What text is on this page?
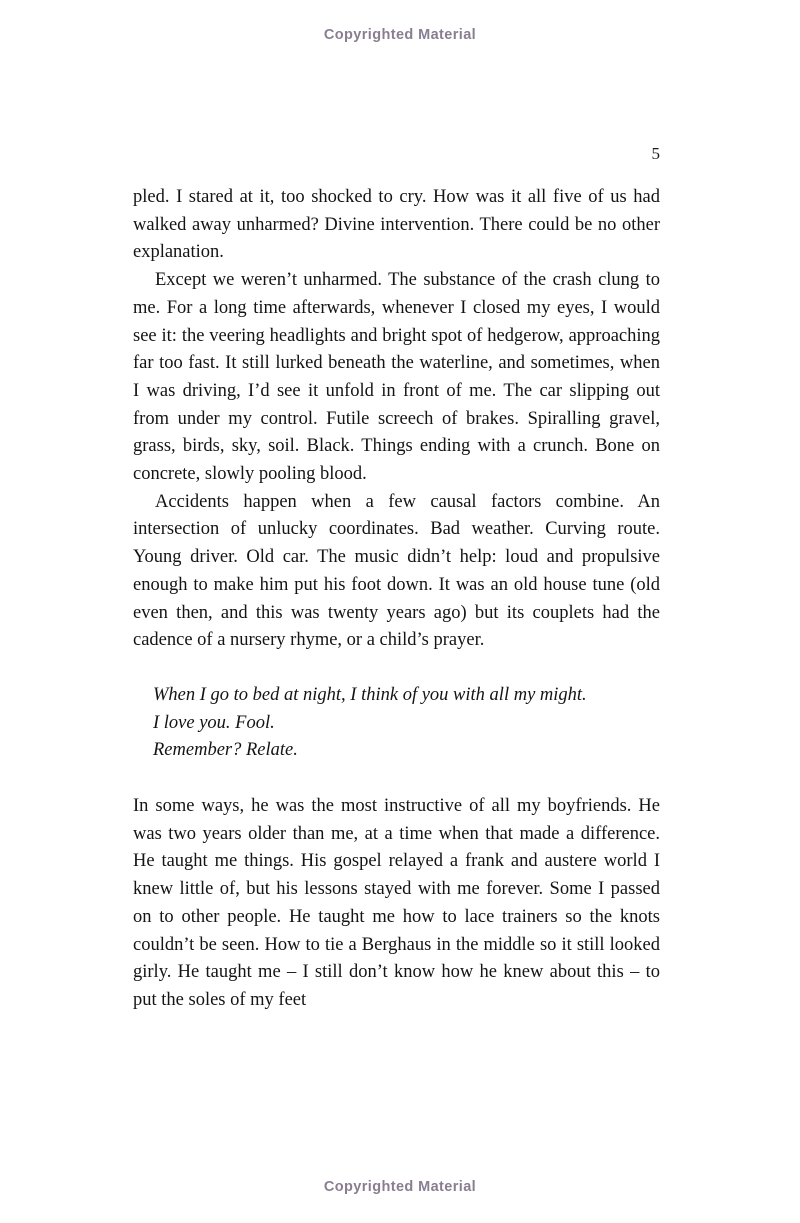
Copyrighted Material
5

pled. I stared at it, too shocked to cry. How was it all five of us had walked away unharmed? Divine intervention. There could be no other explanation.

Except we weren’t unharmed. The substance of the crash clung to me. For a long time afterwards, whenever I closed my eyes, I would see it: the veering headlights and bright spot of hedgerow, approaching far too fast. It still lurked beneath the waterline, and sometimes, when I was driving, I’d see it unfold in front of me. The car slipping out from under my control. Futile screech of brakes. Spiralling gravel, grass, birds, sky, soil. Black. Things ending with a crunch. Bone on concrete, slowly pooling blood.

Accidents happen when a few causal factors combine. An intersection of unlucky coordinates. Bad weather. Curving route. Young driver. Old car. The music didn’t help: loud and propulsive enough to make him put his foot down. It was an old house tune (old even then, and this was twenty years ago) but its couplets had the cadence of a nursery rhyme, or a child’s prayer.

When I go to bed at night, I think of you with all my might.
I love you. Fool.
Remember? Relate.

In some ways, he was the most instructive of all my boyfriends. He was two years older than me, at a time when that made a difference. He taught me things. His gospel relayed a frank and austere world I knew little of, but his lessons stayed with me forever. Some I passed on to other people. He taught me how to lace trainers so the knots couldn’t be seen. How to tie a Berghaus in the middle so it still looked girly. He taught me – I still don’t know how he knew about this – to put the soles of my feet

Copyrighted Material
